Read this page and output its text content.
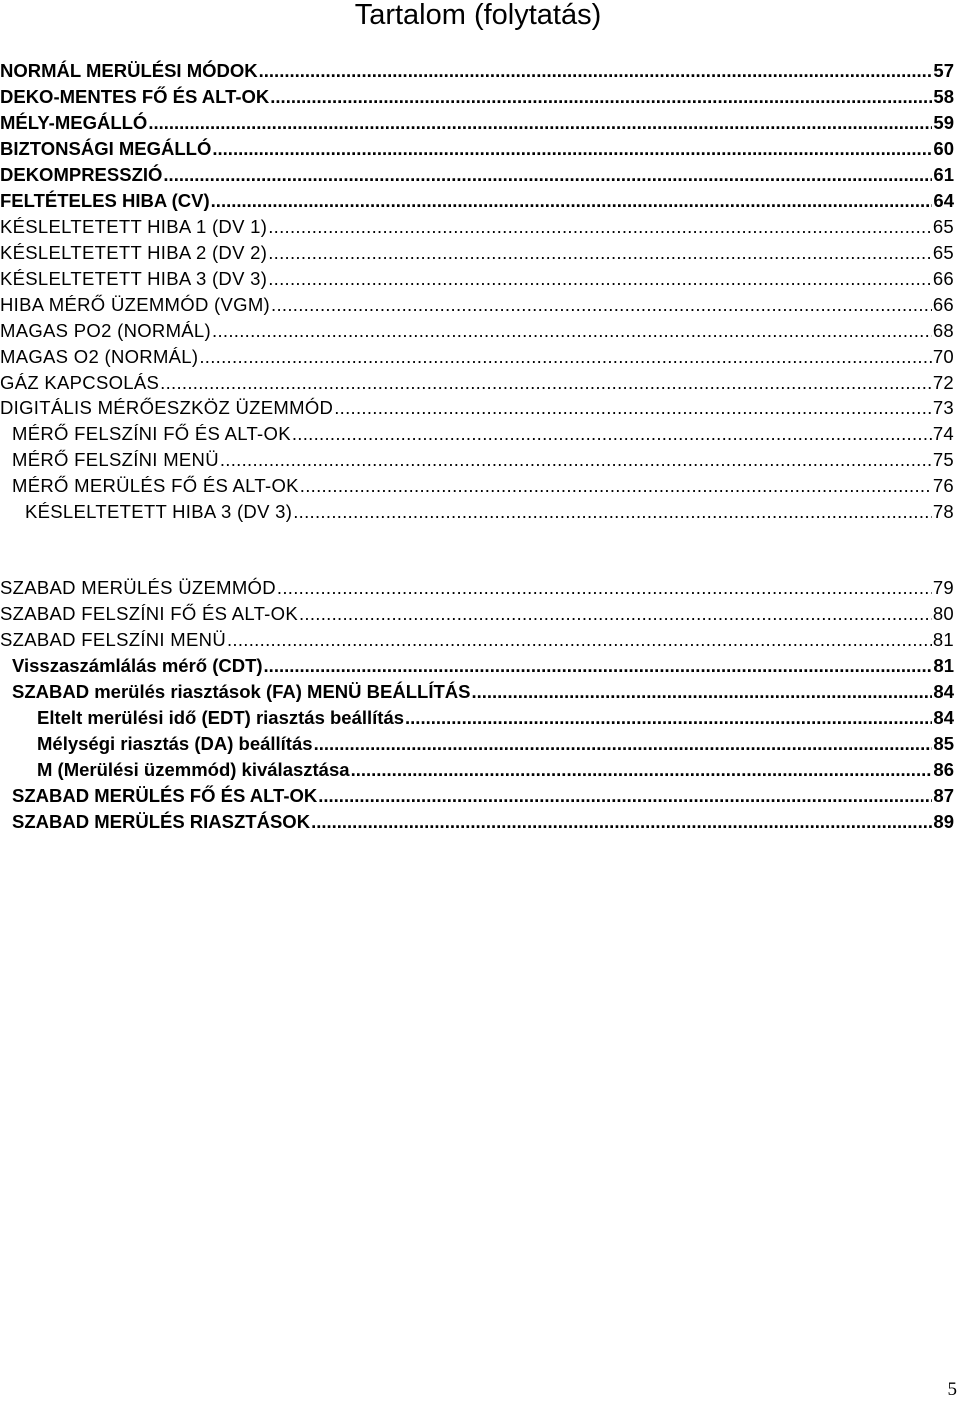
Tartalom (folytatás)
NORMÁL MERÜLÉSI MÓDOK .....	57
DEKO-MENTES FŐ ÉS ALT-OK .....	58
MÉLY-MEGÁLLÓ .....	59
BIZTONSÁGI MEGÁLLÓ .....	60
DEKOMPRESSZIÓ .....	61
FELTÉTELES HIBA (CV) .....	64
KÉSLELTETETT HIBA 1 (DV 1) .....	65
KÉSLELTETETT HIBA 2 (DV 2) .....	65
KÉSLELTETETT HIBA 3 (DV 3) .....	66
HIBA MÉRŐ ÜZEMMÓD (VGM) .....	66
MAGAS PO2 (NORMÁL) .....	68
MAGAS O2 (NORMÁL) .....	70
GÁZ KAPCSOLÁS .....	72
DIGITÁLIS MÉRŐESZKÖZ ÜZEMMÓD .....	73
MÉRŐ FELSZÍNI FŐ ÉS ALT-OK .....	74
MÉRŐ FELSZÍNI MENÜ .....	75
MÉRŐ MERÜLÉS FŐ ÉS ALT-OK .....	76
KÉSLELTETETT HIBA 3 (DV 3) .....	78
SZABAD MERÜLÉS ÜZEMMÓD .....	79
SZABAD FELSZÍNI FŐ ÉS ALT-OK .....	80
SZABAD FELSZÍNI MENÜ .....	81
Visszaszámlálás mérő (CDT) .....	81
SZABAD merülés riasztások (FA) MENÜ BEÁLLÍTÁS .....	84
Eltelt merülési idő (EDT) riasztás beállítás .....	84
Mélységi riasztás (DA) beállítás .....	85
M (Merülési üzemmód) kiválasztása .....	86
SZABAD MERÜLÉS FŐ ÉS ALT-OK .....	87
SZABAD MERÜLÉS RIASZTÁSOK .....	89
5
